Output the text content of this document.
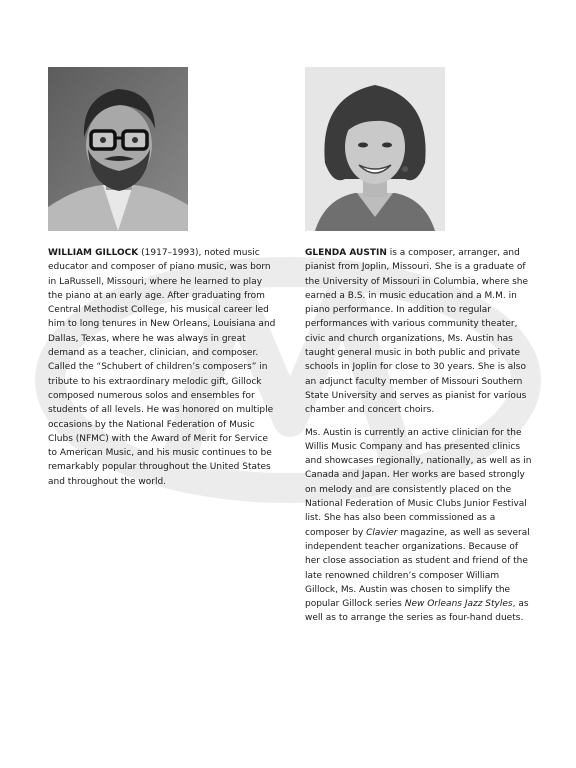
WILLIAM GILLOCK (1917–1993), noted music educator and composer of piano music, was born in LaRussell, Missouri, where he learned to play the piano at an early age. After graduating from Central Methodist College, his musical career led him to long tenures in New Orleans, Louisiana and Dallas, Texas, where he was always in great demand as a teacher, clinician, and composer. Called the “Schubert of children’s composers” in tribute to his extraordinary melodic gift, Gillock composed numerous solos and ensembles for students of all levels. He was honored on multiple occasions by the National Federation of Music Clubs (NFMC) with the Award of Merit for Service to American Music, and his music continues to be remarkably popular throughout the United States and throughout the world.

GLENDA AUSTIN is a composer, arranger, and pianist from Joplin, Missouri. She is a graduate of the University of Missouri in Columbia, where she earned a B.S. in music education and a M.M. in piano performance. In addition to regular performances with various community theater, civic and church organizations, Ms. Austin has taught general music in both public and private schools in Joplin for close to 30 years. She is also an adjunct faculty member of Missouri Southern State University and serves as pianist for various chamber and concert choirs.

Ms. Austin is currently an active clinician for the Willis Music Company and has presented clinics and showcases regionally, nationally, as well as in Canada and Japan. Her works are based strongly on melody and are consistently placed on the National Federation of Music Clubs Junior Festival list. She has also been commissioned as a composer by Clavier magazine, as well as several independent teacher organizations. Because of her close association as student and friend of the late renowned children’s composer William Gillock, Ms. Austin was chosen to simplify the popular Gillock series New Orleans Jazz Styles, as well as to arrange the series as four-hand duets.
